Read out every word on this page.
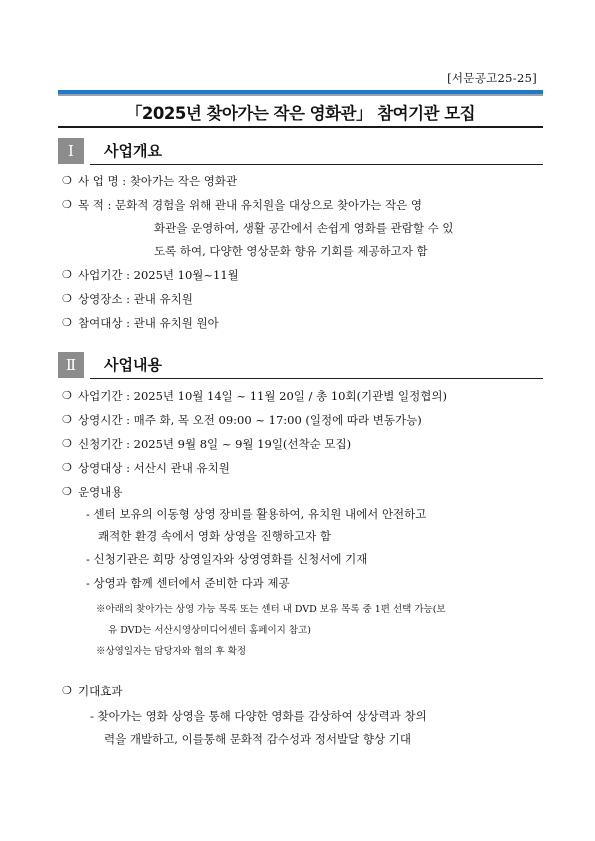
[서문공고25-25]
「2025년 찾아가는 작은 영화관」 참여기관 모집
Ⅰ	사업개요
❍ 사 업 명 : 찾아가는 작은 영화관
❍ 목 적 : 문화적 경험을 위해 관내 유치원을 대상으로 찾아가는 작은 영
화관을 운영하여, 생활 공간에서 손쉽게 영화를 관람할 수 있
도록 하여, 다양한 영상문화 향유 기회를 제공하고자 함
❍ 사업기간 : 2025년 10월~11월
❍ 상영장소 : 관내 유치원
❍ 참여대상 : 관내 유치원 원아
Ⅱ	사업내용
❍ 사업기간 : 2025년 10월 14일 ~ 11월 20일 / 총 10회(기관별 일정협의)
❍ 상영시간 : 매주 화, 목 오전 09:00 ~ 17:00 (일정에 따라 변동가능)
❍ 신청기간 : 2025년 9월 8일 ~ 9월 19일(선착순 모집)
❍ 상영대상 : 서산시 관내 유치원
❍ 운영내용
- 센터 보유의 이동형 상영 장비를 활용하여, 유치원 내에서 안전하고
쾌적한 환경 속에서 영화 상영을 진행하고자 함
- 신청기관은 희망 상영일자와 상영영화를 신청서에 기재
- 상영과 함께 센터에서 준비한 다과 제공
※아래의 찾아가는 상영 가능 목록 또는 센터 내 DVD 보유 목록 중 1편 선택 가능(보
유 DVD는 서산시영상미디어센터 홈페이지 참고)
※상영일자는 담당자와 협의 후 확정
❍ 기대효과
- 찾아가는 영화 상영을 통해 다양한 영화를 감상하여 상상력과 창의
력을 개발하고, 이를통해 문화적 감수성과 정서발달 향상 기대
